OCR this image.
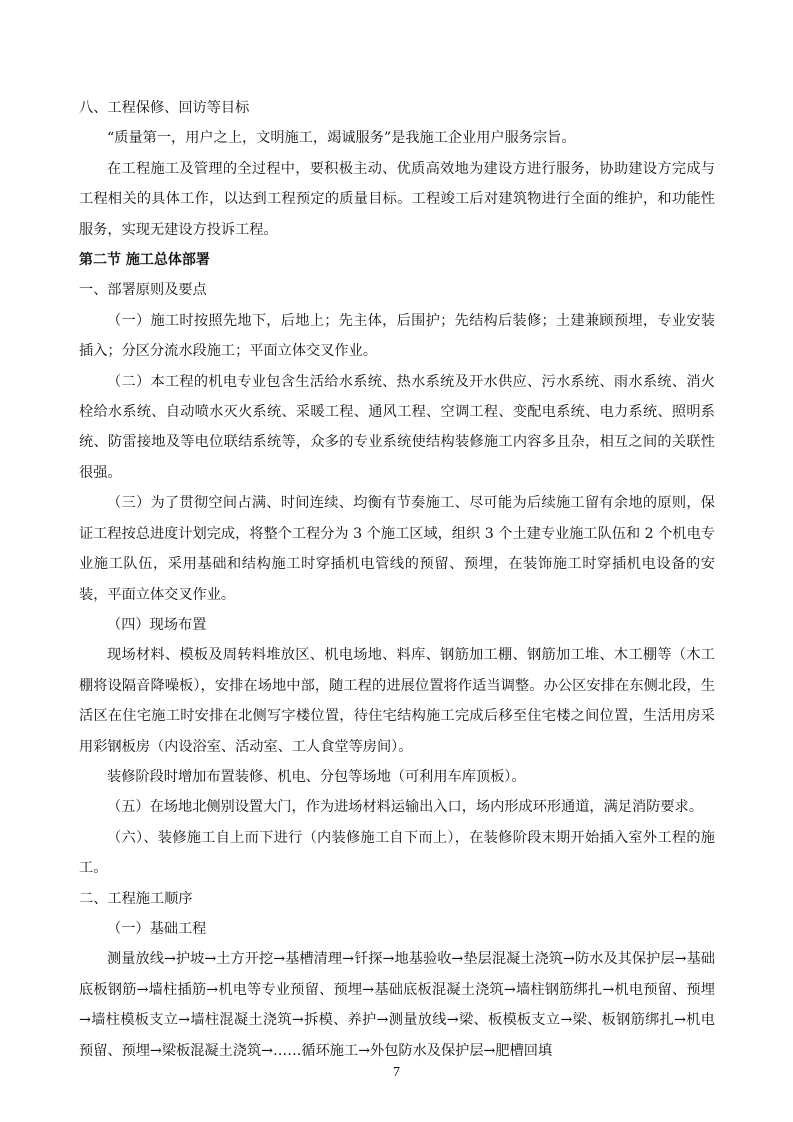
八、工程保修、回访等目标

“质量第一，用户之上，文明施工，竭诚服务”是我施工企业用户服务宗旨。

在工程施工及管理的全过程中，要积极主动、优质高效地为建设方进行服务，协助建设方完成与工程相关的具体工作，以达到工程预定的质量目标。工程竣工后对建筑物进行全面的维护，和功能性服务，实现无建设方投诉工程。

第二节 施工总体部署

一、部署原则及要点

（一）施工时按照先地下，后地上；先主体，后围护；先结构后装修；土建兼顾预埋，专业安装插入；分区分流水段施工；平面立体交叉作业。

（二）本工程的机电专业包含生活给水系统、热水系统及开水供应、污水系统、雨水系统、消火栓给水系统、自动喷水灭火系统、采暖工程、通风工程、空调工程、变配电系统、电力系统、照明系统、防雷接地及等电位联结系统等，众多的专业系统使结构装修施工内容多且杂，相互之间的关联性很强。

（三）为了贯彻空间占满、时间连续、均衡有节奏施工、尽可能为后续施工留有余地的原则，保证工程按总进度计划完成，将整个工程分为 3 个施工区域，组织 3 个土建专业施工队伍和 2 个机电专业施工队伍，采用基础和结构施工时穿插机电管线的预留、预埋，在装饰施工时穿插机电设备的安装，平面立体交叉作业。

（四）现场布置

现场材料、模板及周转料堆放区、机电场地、料库、钢筋加工棚、钢筋加工堆、木工棚等（木工棚将设隔音降噪板），安排在场地中部，随工程的进展位置将作适当调整。办公区安排在东侧北段，生活区在住宅施工时安排在北侧写字楼位置，待住宅结构施工完成后移至住宅楼之间位置，生活用房采用彩钢板房（内设浴室、活动室、工人食堂等房间）。

装修阶段时增加布置装修、机电、分包等场地（可利用车库顶板）。

（五）在场地北侧别设置大门，作为进场材料运输出入口，场内形成环形通道，满足消防要求。

（六）、装修施工自上而下进行（内装修施工自下而上），在装修阶段末期开始插入室外工程的施工。

二、工程施工顺序

（一）基础工程

测量放线→护坡→土方开挖→基槽清理→钎探→地基验收→垫层混凝土浇筑→防水及其保护层→基础底板钢筋→墙柱插筋→机电等专业预留、预埋→基础底板混凝土浇筑→墙柱钢筋绑扎→机电预留、预埋→墙柱模板支立→墙柱混凝土浇筑→拆模、养护→测量放线→梁、板模板支立→梁、板钢筋绑扎→机电预留、预埋→梁板混凝土浇筑→……循环施工→外包防水及保护层→肥槽回填

7
